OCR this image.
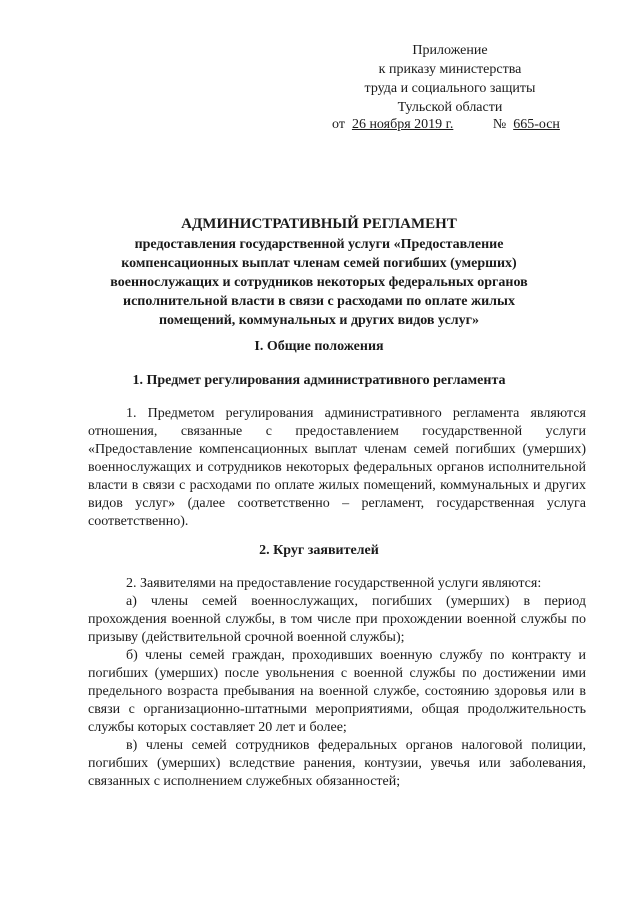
Приложение
к приказу министерства
труда и социального защиты
Тульской области
от 26 ноября 2019 г.	№ 665-осн
АДМИНИСТРАТИВНЫЙ РЕГЛАМЕНТ

предоставления государственной услуги «Предоставление компенсационных выплат членам семей погибших (умерших) военнослужащих и сотрудников некоторых федеральных органов исполнительной власти в связи с расходами по оплате жилых помещений, коммунальных и других видов услуг»

I. Общие положения
1. Предмет регулирования административного регламента

1. Предметом регулирования административного регламента являются отношения, связанные с предоставлением государственной услуги «Предоставление компенсационных выплат членам семей погибших (умерших) военнослужащих и сотрудников некоторых федеральных органов исполнительной власти в связи с расходами по оплате жилых помещений, коммунальных и других видов услуг» (далее соответственно – регламент, государственная услуга соответственно).

2. Круг заявителей

2. Заявителями на предоставление государственной услуги являются:

а) члены семей военнослужащих, погибших (умерших) в период прохождения военной службы, в том числе при прохождении военной службы по призыву (действительной срочной военной службы);

б) члены семей граждан, проходивших военную службу по контракту и погибших (умерших) после увольнения с военной службы по достижении ими предельного возраста пребывания на военной службе, состоянию здоровья или в связи с организационно-штатными мероприятиями, общая продолжительность службы которых составляет 20 лет и более;

в) члены семей сотрудников федеральных органов налоговой полиции, погибших (умерших) вследствие ранения, контузии, увечья или заболевания, связанных с исполнением служебных обязанностей;
